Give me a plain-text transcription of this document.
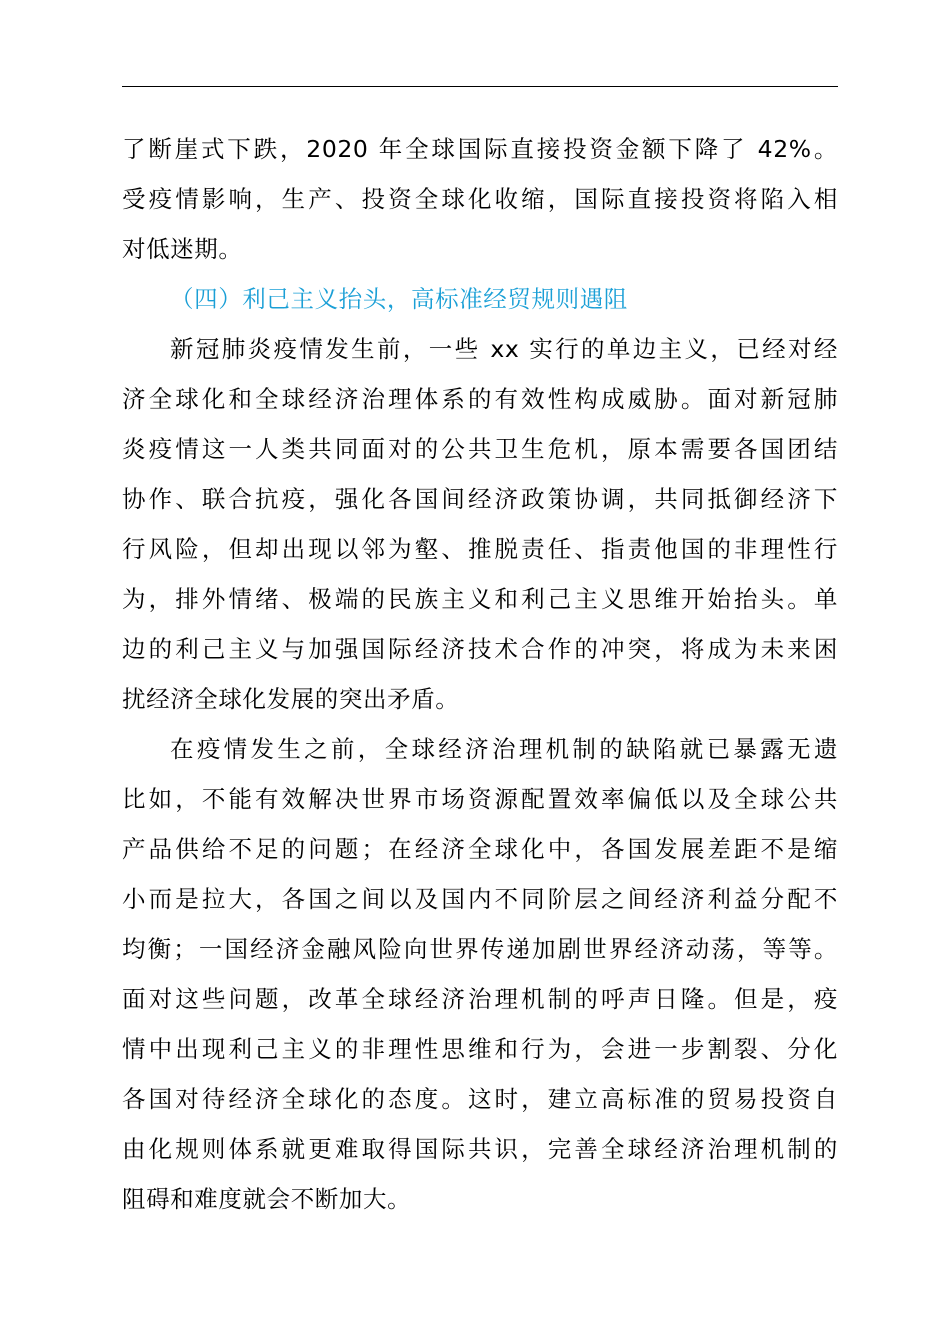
了断崖式下跌，2020 年全球国际直接投资金额下降了 42%。
受疫情影响，生产、投资全球化收缩，国际直接投资将陷入相
对低迷期。
（四）利己主义抬头，高标准经贸规则遇阻
新冠肺炎疫情发生前，一些 xx 实行的单边主义，已经对经
济全球化和全球经济治理体系的有效性构成威胁。面对新冠肺
炎疫情这一人类共同面对的公共卫生危机，原本需要各国团结
协作、联合抗疫，强化各国间经济政策协调，共同抵御经济下
行风险，但却出现以邻为壑、推脱责任、指责他国的非理性行
为，排外情绪、极端的民族主义和利己主义思维开始抬头。单
边的利己主义与加强国际经济技术合作的冲突，将成为未来困
扰经济全球化发展的突出矛盾。
在疫情发生之前，全球经济治理机制的缺陷就已暴露无遗
比如，不能有效解决世界市场资源配置效率偏低以及全球公共
产品供给不足的问题；在经济全球化中，各国发展差距不是缩
小而是拉大，各国之间以及国内不同阶层之间经济利益分配不
均衡；一国经济金融风险向世界传递加剧世界经济动荡，等等。
面对这些问题，改革全球经济治理机制的呼声日隆。但是，疫
情中出现利己主义的非理性思维和行为，会进一步割裂、分化
各国对待经济全球化的态度。这时，建立高标准的贸易投资自
由化规则体系就更难取得国际共识，完善全球经济治理机制的
阻碍和难度就会不断加大。
